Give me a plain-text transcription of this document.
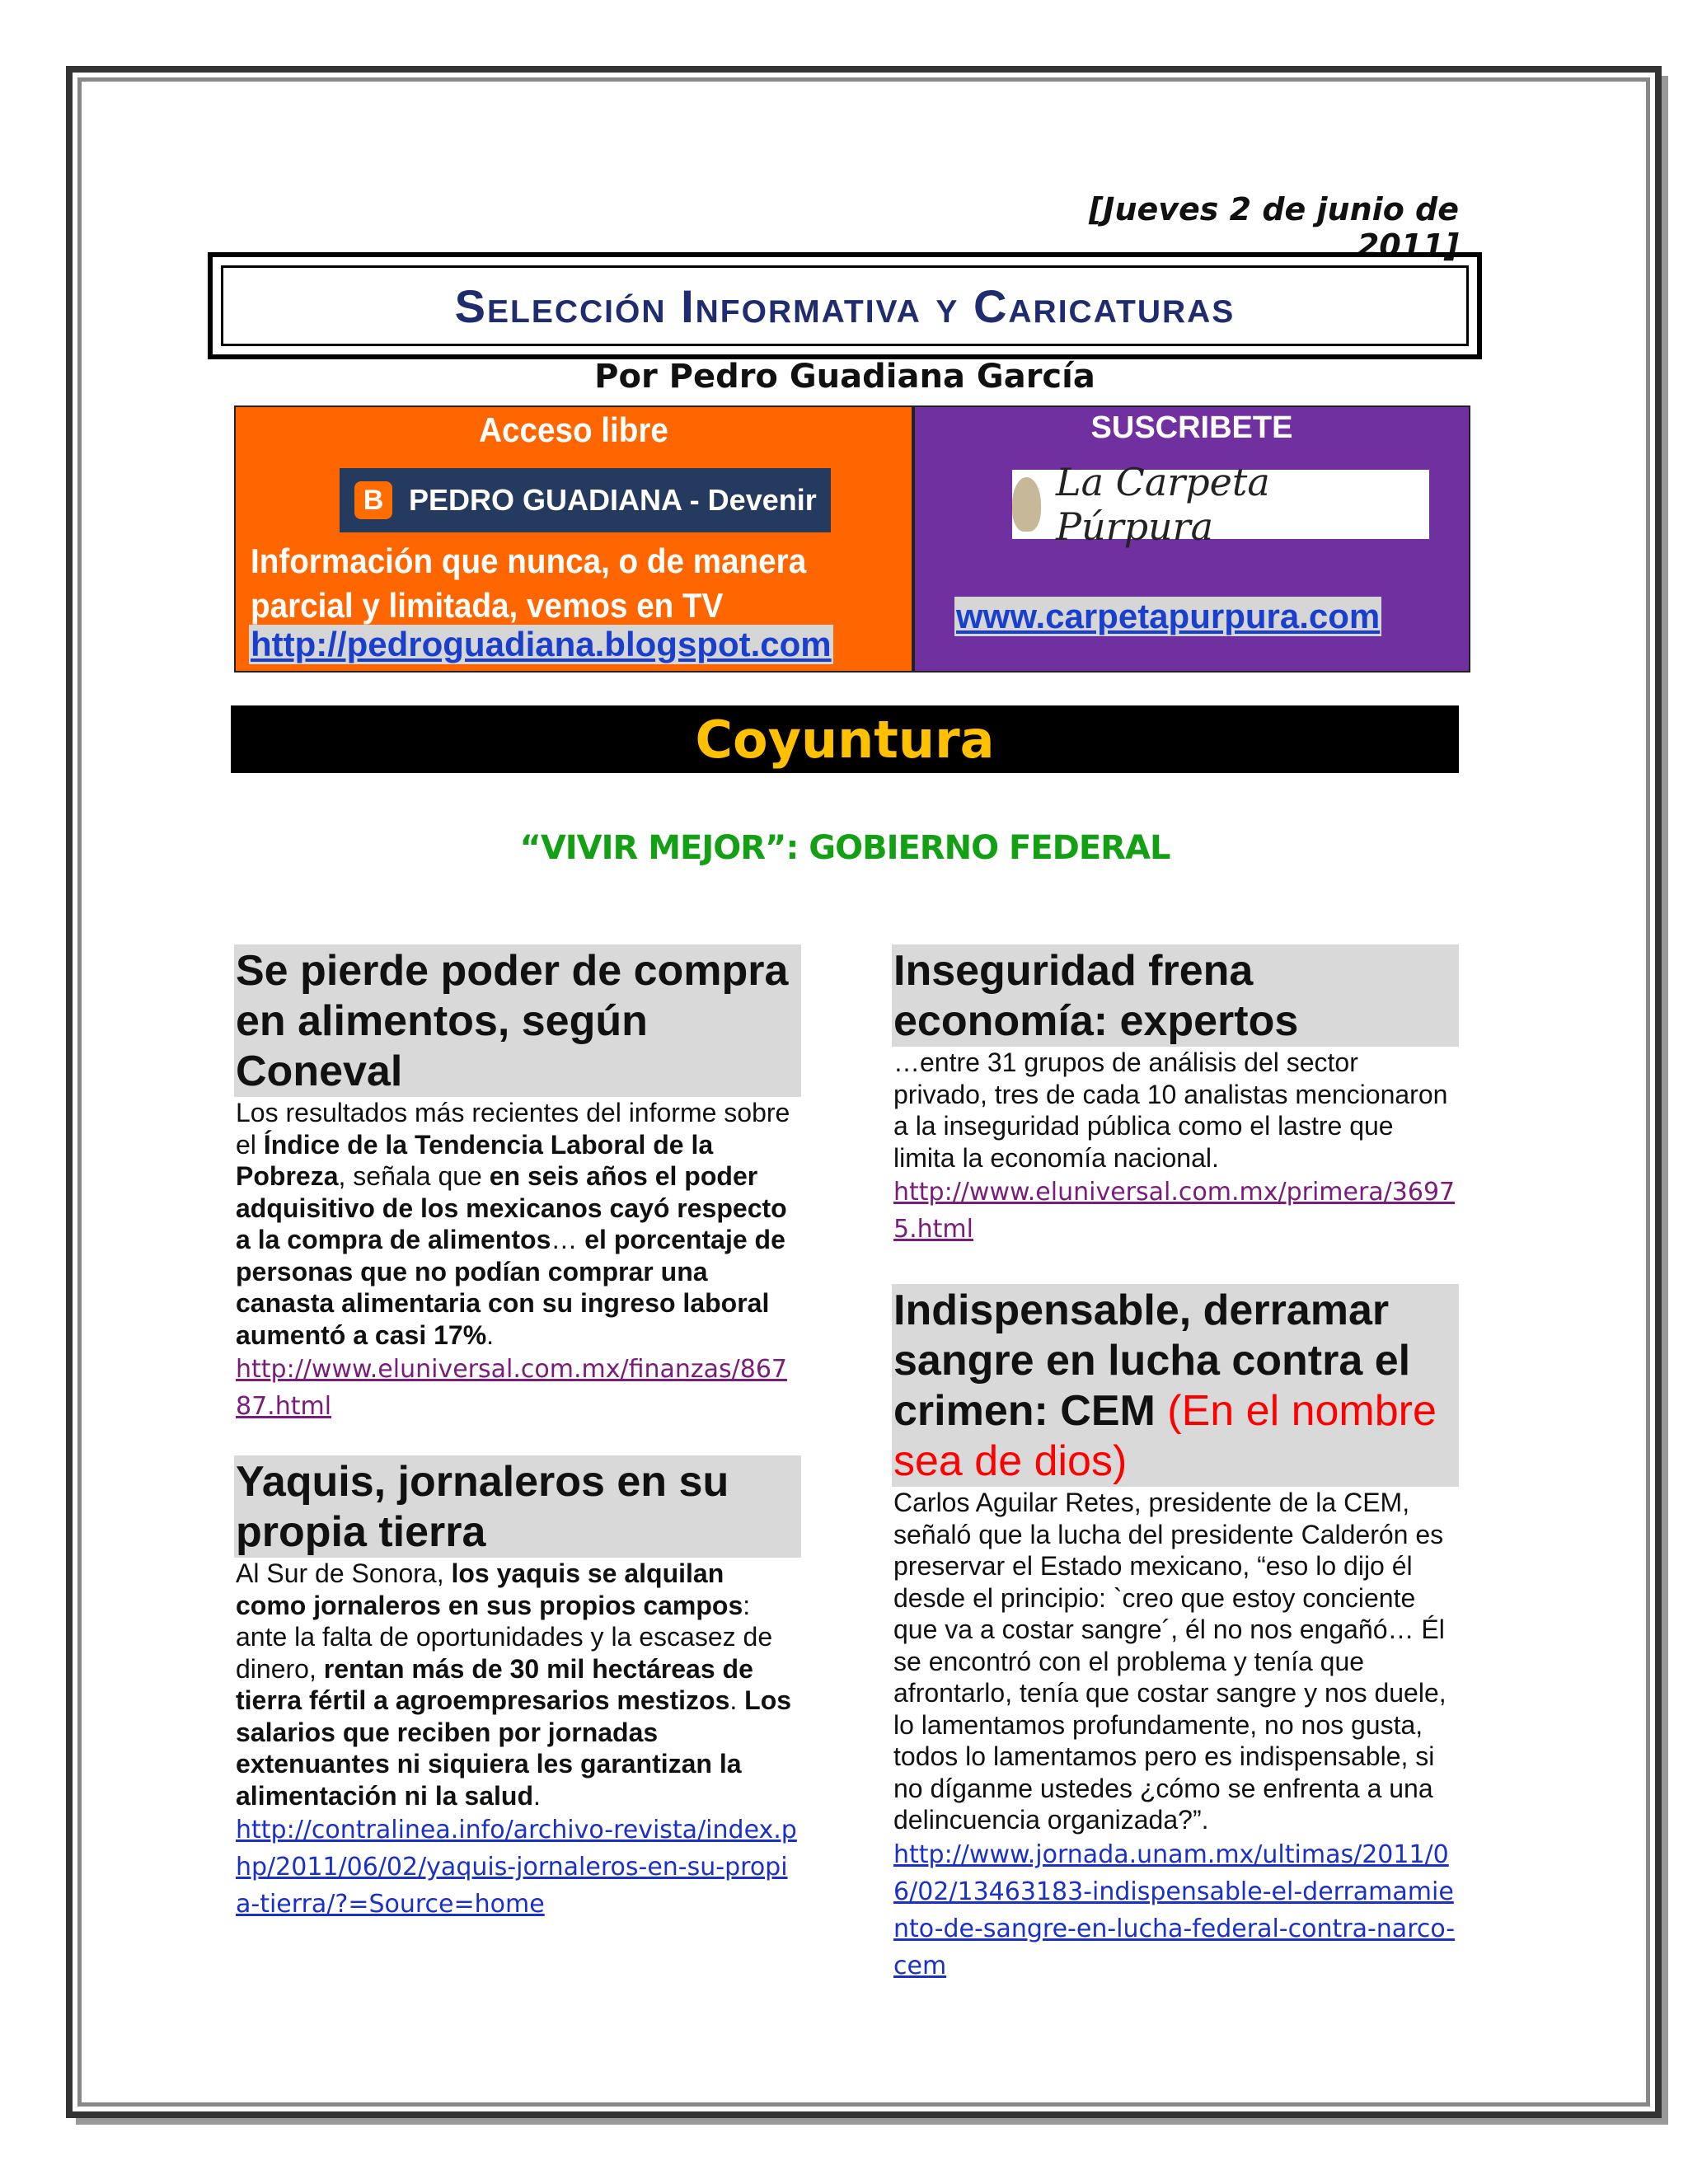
[Jueves 2 de junio de 2011]
Selección Informativa y Caricaturas
Por Pedro Guadiana García
Acceso libre
B PEDRO GUADIANA - Devenir
Información que nunca, o de manera parcial y limitada, vemos en TV
http://pedroguadiana.blogspot.com
SUSCRIBETE
La Carpeta Púrpura
www.carpetapurpura.com
Coyuntura
“VIVIR MEJOR”: GOBIERNO FEDERAL
Se pierde poder de compra en alimentos, según Coneval
Los resultados más recientes del informe sobre el Índice de la Tendencia Laboral de la Pobreza, señala que en seis años el poder adquisitivo de los mexicanos cayó respecto a la compra de alimentos… el porcentaje de personas que no podían comprar una canasta alimentaria con su ingreso laboral aumentó a casi 17%.
http://www.eluniversal.com.mx/finanzas/86787.html
Yaquis, jornaleros en su propia tierra
Al Sur de Sonora, los yaquis se alquilan como jornaleros en sus propios campos: ante la falta de oportunidades y la escasez de dinero, rentan más de 30 mil hectáreas de tierra fértil a agroempresarios mestizos. Los salarios que reciben por jornadas extenuantes ni siquiera les garantizan la alimentación ni la salud.
http://contralinea.info/archivo-revista/index.php/2011/06/02/yaquis-jornaleros-en-su-propia-tierra/?=Source=home
Inseguridad frena economía: expertos
…entre 31 grupos de análisis del sector privado, tres de cada 10 analistas mencionaron a la inseguridad pública como el lastre que limita la economía nacional.
http://www.eluniversal.com.mx/primera/36975.html
Indispensable, derramar sangre en lucha contra el crimen: CEM (En el nombre sea de dios)
Carlos Aguilar Retes, presidente de la CEM, señaló que la lucha del presidente Calderón es preservar el Estado mexicano, “eso lo dijo él desde el principio: `creo que estoy conciente que va a costar sangre´, él no nos engañó… Él se encontró con el problema y tenía que afrontarlo, tenía que costar sangre y nos duele, lo lamentamos profundamente, no nos gusta, todos lo lamentamos pero es indispensable, si no díganme ustedes ¿cómo se enfrenta a una delincuencia organizada?”.
http://www.jornada.unam.mx/ultimas/2011/06/02/13463183-indispensable-el-derramamiento-de-sangre-en-lucha-federal-contra-narco-cem
